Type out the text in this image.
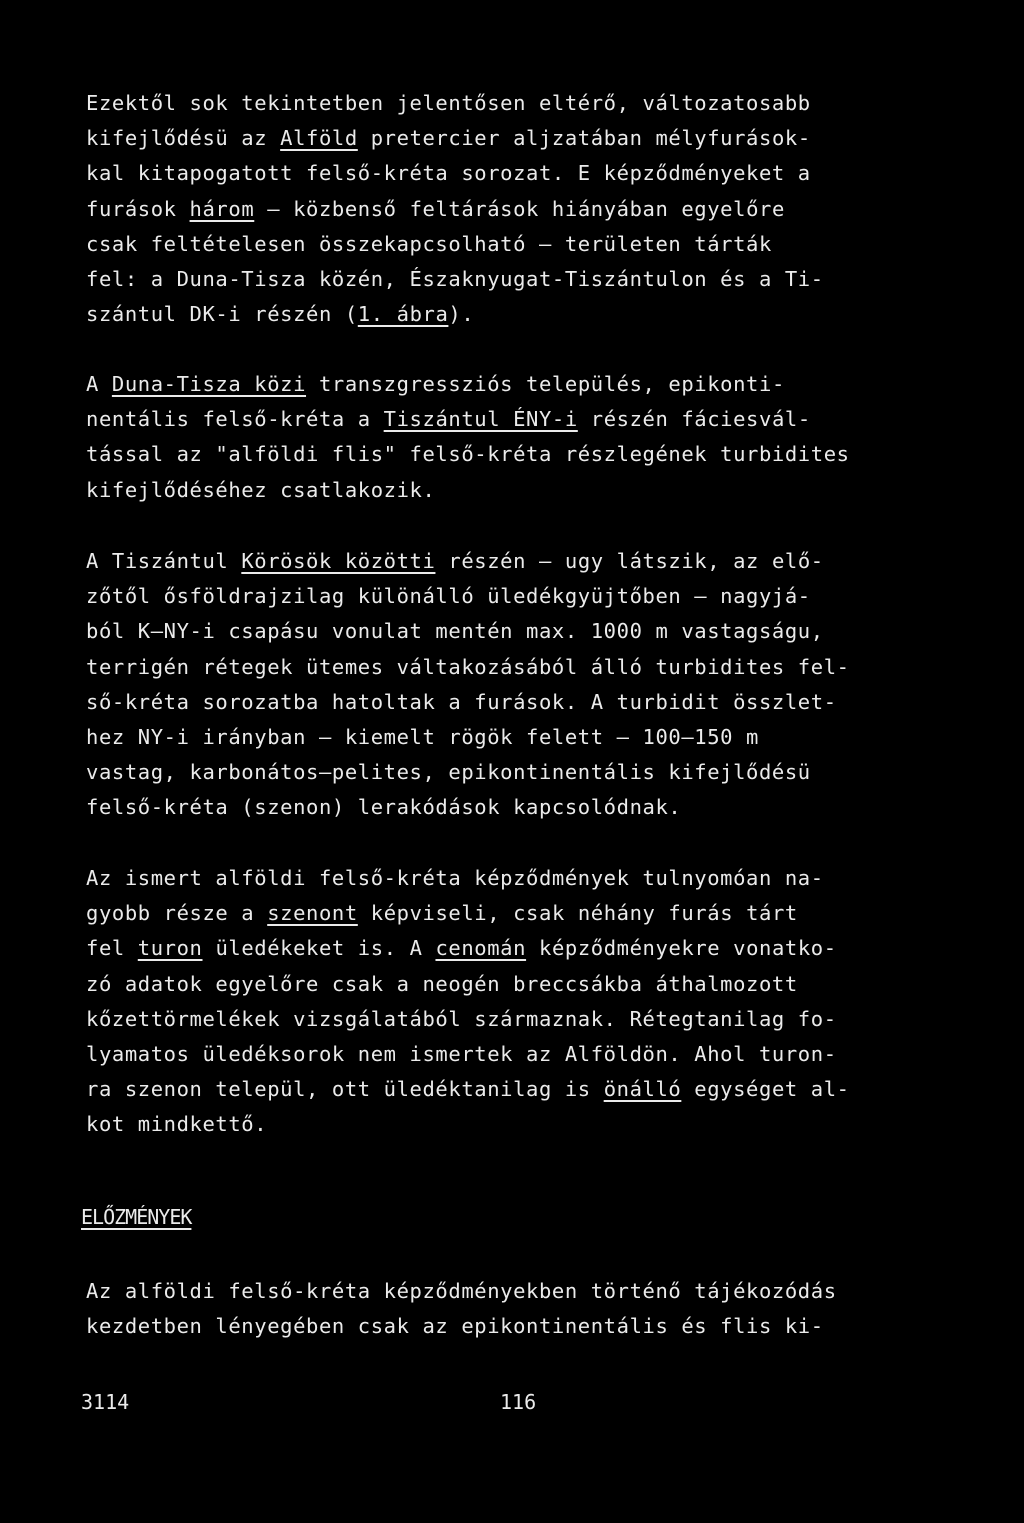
Ezektől sok tekintetben jelentősen eltérő, változatosabb
kifejlődésü az Alföld pretercier aljzatában mélyfurások-
kal kitapogatott felső-kréta sorozat. E képződményeket a
furások három — közbenső feltárások hiányában egyelőre
csak feltételesen összekapcsolható — területen tárták
fel: a Duna-Tisza közén, Északnyugat-Tiszántulon és a Ti-
szántul DK-i részén (1. ábra).
A Duna-Tisza közi transzgressziós település, epikonti-
nentális felső-kréta a Tiszántul ÉNY-i részén fáciesvál-
tással az "alföldi flis" felső-kréta részlegének turbidites
kifejlődéséhez csatlakozik.
A Tiszántul Körösök közötti részén — ugy látszik, az elő-
zőtől ősföldrajzilag különálló üledékgyüjtőben — nagyjá-
ból K—NY-i csapásu vonulat mentén max. 1000 m vastagságu,
terrigén rétegek ütemes váltakozásából álló turbidites fel-
ső-kréta sorozatba hatoltak a furások. A turbidit összlet-
hez NY-i irányban — kiemelt rögök felett — 100—150 m
vastag, karbonátos—pelites, epikontinentális kifejlődésü
felső-kréta (szenon) lerakódások kapcsolódnak.
Az ismert alföldi felső-kréta képződmények tulnyomóan na-
gyobb része a szenont képviseli, csak néhány furás tárt
fel turon üledékeket is. A cenomán képződményekre vonatko-
zó adatok egyelőre csak a neogén breccsákba áthalmozott
kőzettörmelékek vizsgálatából származnak. Rétegtanilag fo-
lyamatos üledéksorok nem ismertek az Alföldön. Ahol turon-
ra szenon települ, ott üledéktanilag is önálló egységet al-
kot mindkettő.
ELŐZMÉNYEK
Az alföldi felső-kréta képződményekben történő tájékozódás
kezdetben lényegében csak az epikontinentális és flis ki-
3114	116
